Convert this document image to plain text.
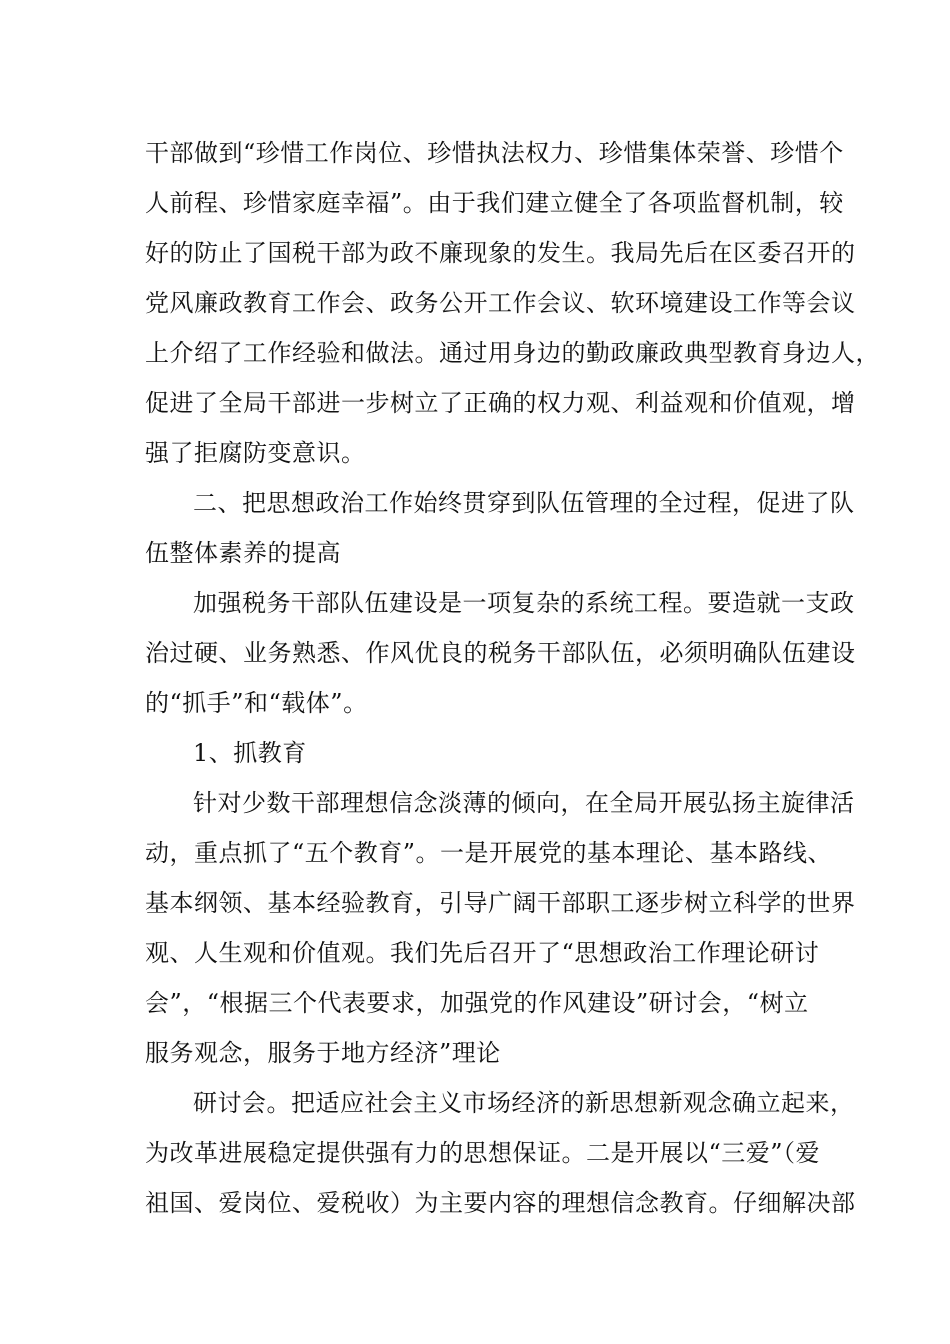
干部做到“珍惜工作岗位、珍惜执法权力、珍惜集体荣誉、珍惜个
人前程、珍惜家庭幸福”。由于我们建立健全了各项监督机制，较
好的防止了国税干部为政不廉现象的发生。我局先后在区委召开的
党风廉政教育工作会、政务公开工作会议、软环境建设工作等会议
上介绍了工作经验和做法。通过用身边的勤政廉政典型教育身边人，
促进了全局干部进一步树立了正确的权力观、利益观和价值观，增
强了拒腐防变意识。
二、把思想政治工作始终贯穿到队伍管理的全过程，促进了队
伍整体素养的提高
加强税务干部队伍建设是一项复杂的系统工程。要造就一支政
治过硬、业务熟悉、作风优良的税务干部队伍，必须明确队伍建设
的“抓手”和“载体”。
1、抓教育
针对少数干部理想信念淡薄的倾向，在全局开展弘扬主旋律活
动，重点抓了“五个教育”。一是开展党的基本理论、基本路线、
基本纲领、基本经验教育，引导广阔干部职工逐步树立科学的世界
观、人生观和价值观。我们先后召开了“思想政治工作理论研讨
会”，“根据三个代表要求，加强党的作风建设”研讨会，“树立
服务观念，服务于地方经济”理论
研讨会。把适应社会主义市场经济的新思想新观念确立起来，
为改革进展稳定提供强有力的思想保证。二是开展以“三爱”（爱
祖国、爱岗位、爱税收）为主要内容的理想信念教育。仔细解决部
